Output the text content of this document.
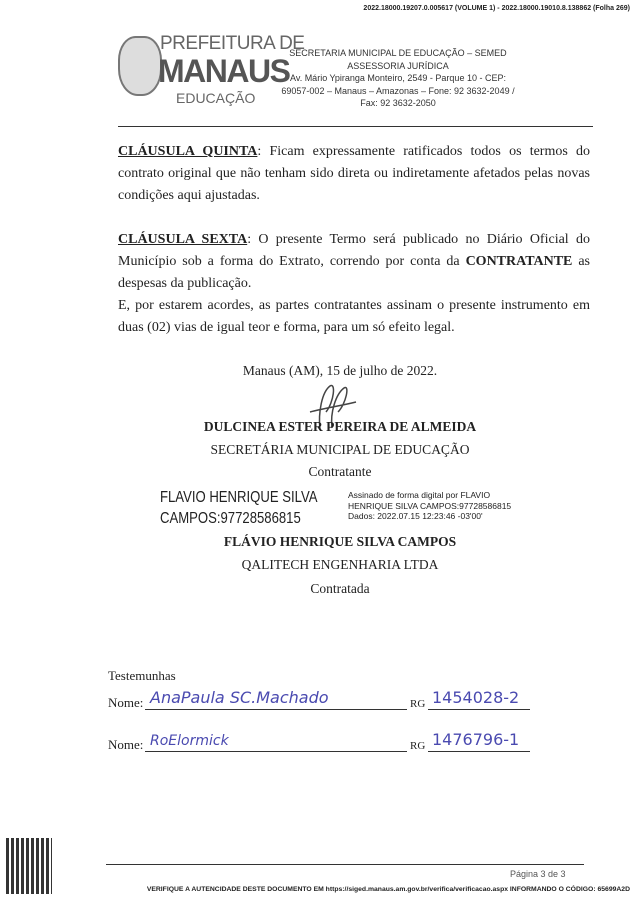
2022.18000.19207.0.005617 (VOLUME 1) - 2022.18000.19010.8.138862 (Folha 269)
PREFEITURA DE
MANAUS
EDUCAÇÃO
SECRETARIA MUNICIPAL DE EDUCAÇÃO – SEMED
ASSESSORIA JURÍDICA
Av. Mário Ypiranga Monteiro, 2549 - Parque 10 - CEP:
69057-002 – Manaus – Amazonas – Fone: 92 3632-2049 /
Fax: 92 3632-2050
CLÁUSULA QUINTA: Ficam expressamente ratificados todos os termos do contrato original que não tenham sido direta ou indiretamente afetados pelas novas condições aqui ajustadas.
CLÁUSULA SEXTA: O presente Termo será publicado no Diário Oficial do Município sob a forma do Extrato, correndo por conta da CONTRATANTE as despesas da publicação.
E, por estarem acordes, as partes contratantes assinam o presente instrumento em duas (02) vias de igual teor e forma, para um só efeito legal.
Manaus (AM), 15 de julho de 2022.
DULCINEA ESTER PEREIRA DE ALMEIDA
SECRETÁRIA MUNICIPAL DE EDUCAÇÃO
Contratante
FLAVIO HENRIQUE SILVA
CAMPOS:97728586815
Assinado de forma digital por FLAVIO
HENRIQUE SILVA CAMPOS:97728586815
Dados: 2022.07.15 12:23:46 -03'00'
FLÁVIO HENRIQUE SILVA CAMPOS
QALITECH ENGENHARIA LTDA
Contratada
Testemunhas
Nome: AnaPaula SC.Machado	RG 1454028-2
Nome: RoElormick	RG 1476796-1
Página 3 de 3
VERIFIQUE A AUTENCIDADE DESTE DOCUMENTO EM https://siged.manaus.am.gov.br/verifica/verificacao.aspx INFORMANDO O CÓDIGO: 65699A2D
